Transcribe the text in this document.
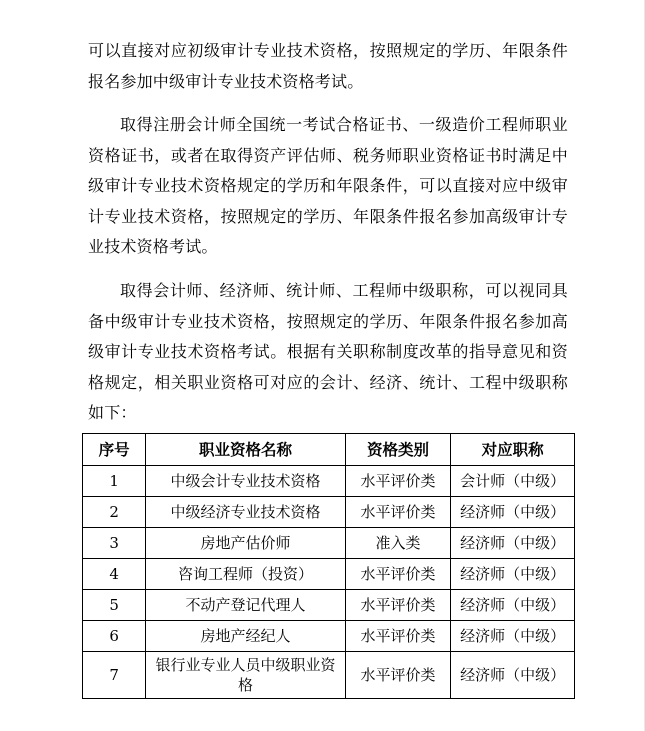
可以直接对应初级审计专业技术资格，按照规定的学历、年限条件报名参加中级审计专业技术资格考试。

取得注册会计师全国统一考试合格证书、一级造价工程师职业资格证书，或者在取得资产评估师、税务师职业资格证书时满足中级审计专业技术资格规定的学历和年限条件，可以直接对应中级审计专业技术资格，按照规定的学历、年限条件报名参加高级审计专业技术资格考试。

取得会计师、经济师、统计师、工程师中级职称，可以视同具备中级审计专业技术资格，按照规定的学历、年限条件报名参加高级审计专业技术资格考试。根据有关职称制度改革的指导意见和资格规定，相关职业资格可对应的会计、经济、统计、工程中级职称如下：

序号	职业资格名称	资格类别	对应职称
1	中级会计专业技术资格	水平评价类	会计师（中级）
2	中级经济专业技术资格	水平评价类	经济师（中级）
3	房地产估价师	准入类	经济师（中级）
4	咨询工程师（投资）	水平评价类	经济师（中级）
5	不动产登记代理人	水平评价类	经济师（中级）
6	房地产经纪人	水平评价类	经济师（中级）
7	银行业专业人员中级职业资格	水平评价类	经济师（中级）
